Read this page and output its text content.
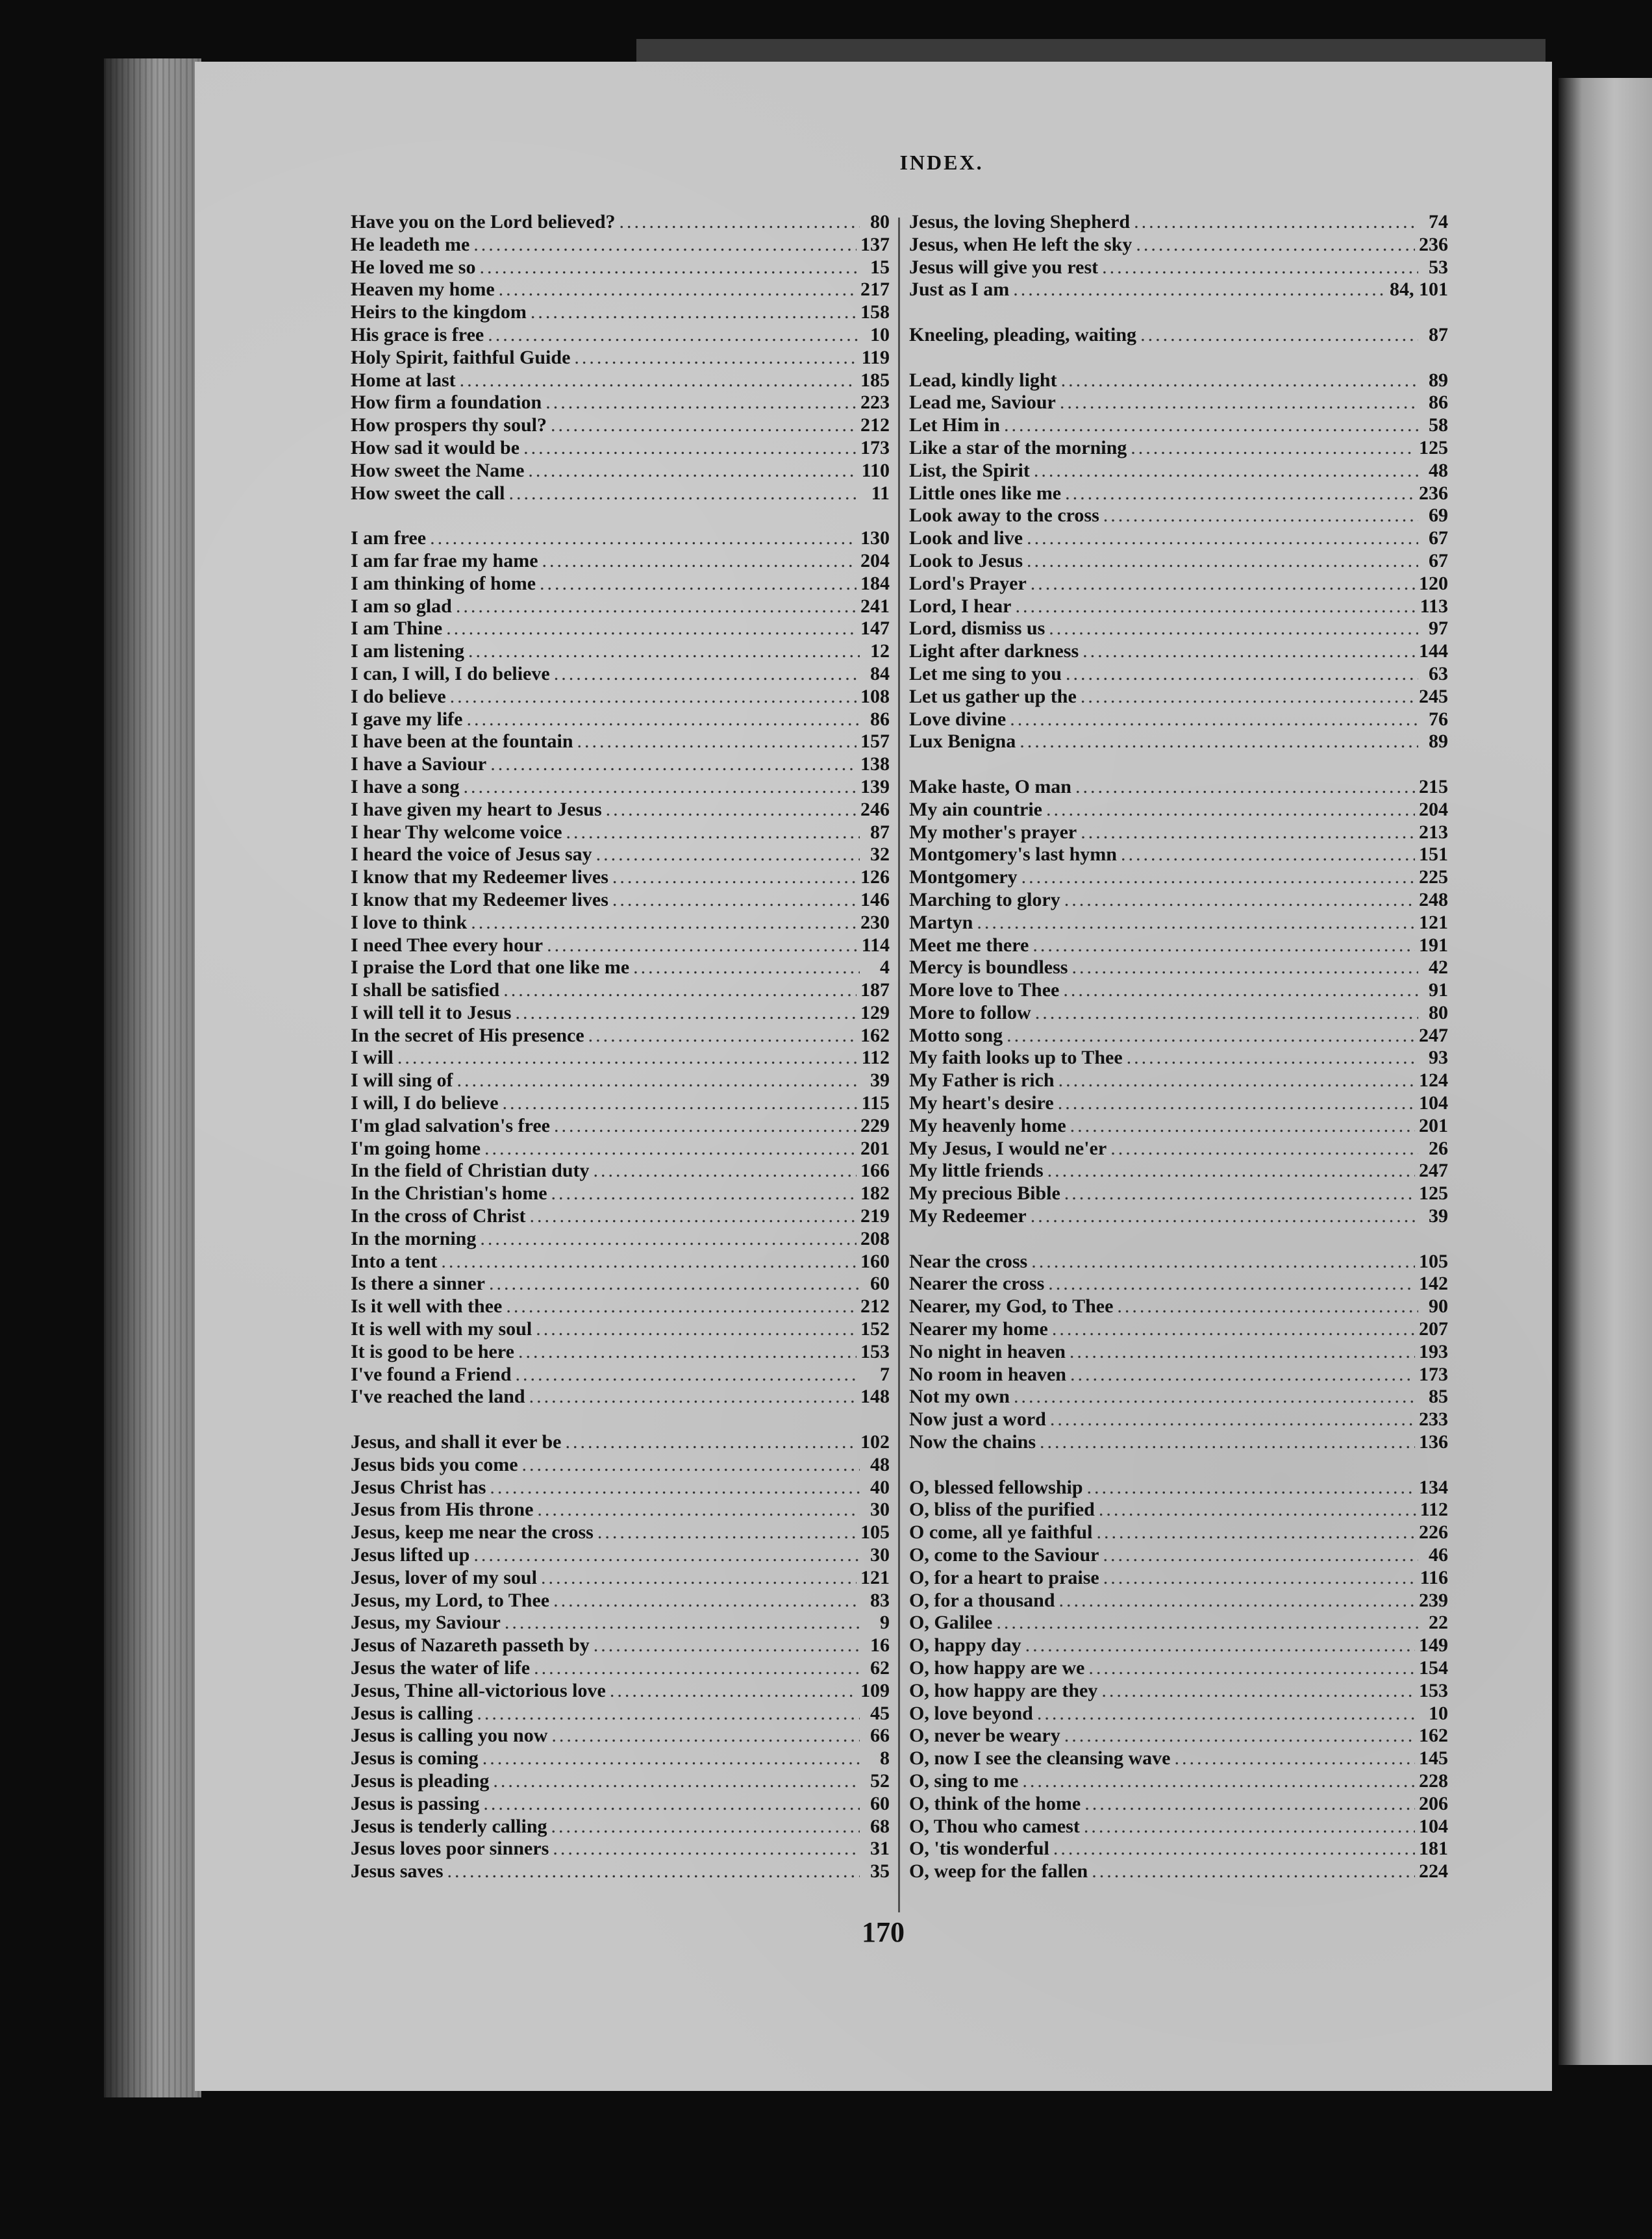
INDEX.
Have you on the Lord believed? .....	80
He leadeth me .....	137
He loved me so .....	15
Heaven my home .....	217
Heirs to the kingdom .....	158
His grace is free .....	10
Holy Spirit, faithful Guide .....	119
Home at last .....	185
How firm a foundation .....	223
How prospers thy soul? .....	212
How sad it would be .....	173
How sweet the Name .....	110
How sweet the call .....	11
I am free .....	130
I am far frae my hame .....	204
I am thinking of home .....	184
I am so glad .....	241
I am Thine .....	147
I am listening .....	12
I can, I will, I do believe .....	84
I do believe .....	108
I gave my life .....	86
I have been at the fountain .....	157
I have a Saviour .....	138
I have a song .....	139
I have given my heart to Jesus .....	246
I hear Thy welcome voice .....	87
I heard the voice of Jesus say .....	32
I know that my Redeemer lives .....	126
I know that my Redeemer lives .....	146
I love to think .....	230
I need Thee every hour .....	114
I praise the Lord that one like me .....	4
I shall be satisfied .....	187
I will tell it to Jesus .....	129
In the secret of His presence .....	162
I will .....	112
I will sing of .....	39
I will, I do believe .....	115
I'm glad salvation's free .....	229
I'm going home .....	201
In the field of Christian duty .....	166
In the Christian's home .....	182
In the cross of Christ .....	219
In the morning .....	208
Into a tent .....	160
Is there a sinner .....	60
Is it well with thee .....	212
It is well with my soul .....	152
It is good to be here .....	153
I've found a Friend .....	7
I've reached the land .....	148
Jesus, and shall it ever be .....	102
Jesus bids you come .....	48
Jesus Christ has .....	40
Jesus from His throne .....	30
Jesus, keep me near the cross .....	105
Jesus lifted up .....	30
Jesus, lover of my soul .....	121
Jesus, my Lord, to Thee .....	83
Jesus, my Saviour .....	9
Jesus of Nazareth passeth by .....	16
Jesus the water of life .....	62
Jesus, Thine all-victorious love .....	109
Jesus is calling .....	45
Jesus is calling you now .....	66
Jesus is coming .....	8
Jesus is pleading .....	52
Jesus is passing .....	60
Jesus is tenderly calling .....	68
Jesus loves poor sinners .....	31
Jesus saves .....	35
Jesus, the loving Shepherd .....	74
Jesus, when He left the sky .....	236
Jesus will give you rest .....	53
Just as I am .....	84, 101
Kneeling, pleading, waiting .....	87
Lead, kindly light .....	89
Lead me, Saviour .....	86
Let Him in .....	58
Like a star of the morning .....	125
List, the Spirit .....	48
Little ones like me .....	236
Look away to the cross .....	69
Look and live .....	67
Look to Jesus .....	67
Lord's Prayer .....	120
Lord, I hear .....	113
Lord, dismiss us .....	97
Light after darkness .....	144
Let me sing to you .....	63
Let us gather up the .....	245
Love divine .....	76
Lux Benigna .....	89
Make haste, O man .....	215
My ain countrie .....	204
My mother's prayer .....	213
Montgomery's last hymn .....	151
Montgomery .....	225
Marching to glory .....	248
Martyn .....	121
Meet me there .....	191
Mercy is boundless .....	42
More love to Thee .....	91
More to follow .....	80
Motto song .....	247
My faith looks up to Thee .....	93
My Father is rich .....	124
My heart's desire .....	104
My heavenly home .....	201
My Jesus, I would ne'er .....	26
My little friends .....	247
My precious Bible .....	125
My Redeemer .....	39
Near the cross .....	105
Nearer the cross .....	142
Nearer, my God, to Thee .....	90
Nearer my home .....	207
No night in heaven .....	193
No room in heaven .....	173
Not my own .....	85
Now just a word .....	233
Now the chains .....	136
O, blessed fellowship .....	134
O, bliss of the purified .....	112
O come, all ye faithful .....	226
O, come to the Saviour .....	46
O, for a heart to praise .....	116
O, for a thousand .....	239
O, Galilee .....	22
O, happy day .....	149
O, how happy are we .....	154
O, how happy are they .....	153
O, love beyond .....	10
O, never be weary .....	162
O, now I see the cleansing wave .....	145
O, sing to me .....	228
O, think of the home .....	206
O, Thou who camest .....	104
O, 'tis wonderful .....	181
O, weep for the fallen .....	224
170
